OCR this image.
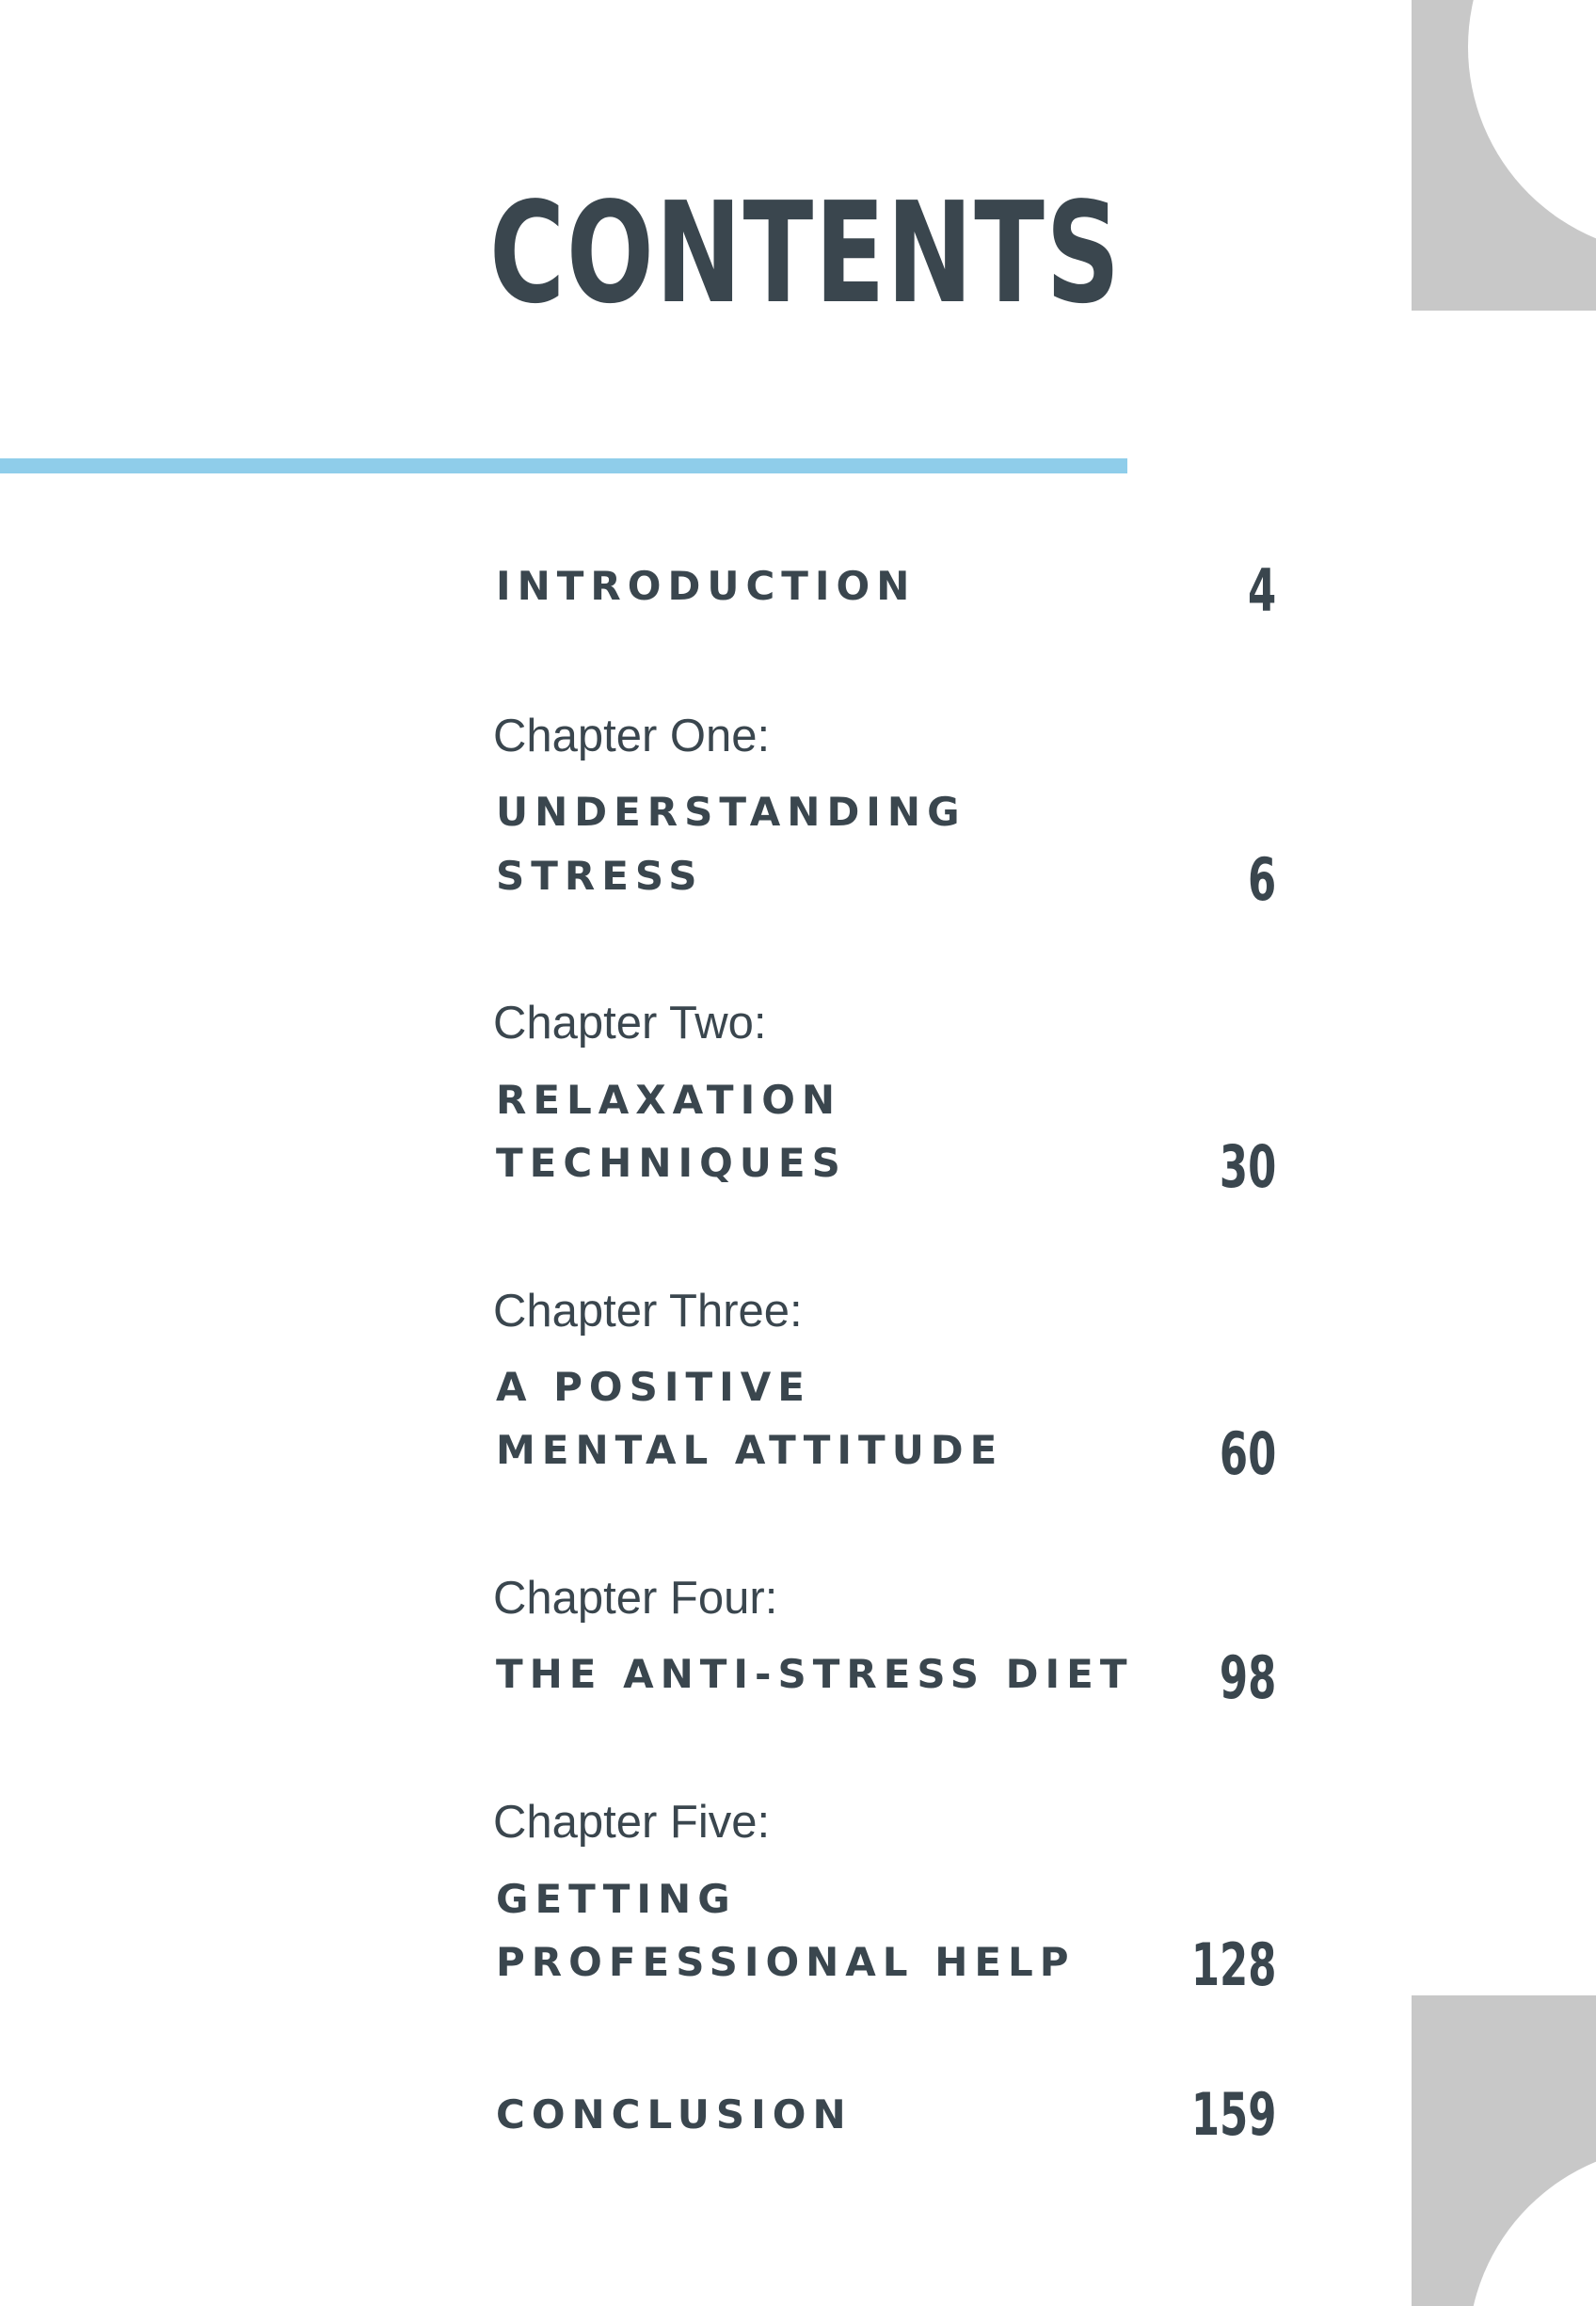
CONTENTS
INTRODUCTION	4
Chapter One:
UNDERSTANDING
STRESS	6
Chapter Two:
RELAXATION
TECHNIQUES	30
Chapter Three:
A POSITIVE
MENTAL ATTITUDE	60
Chapter Four:
THE ANTI-STRESS DIET 98
Chapter Five:
GETTING
PROFESSIONAL HELP 128
CONCLUSION	159
